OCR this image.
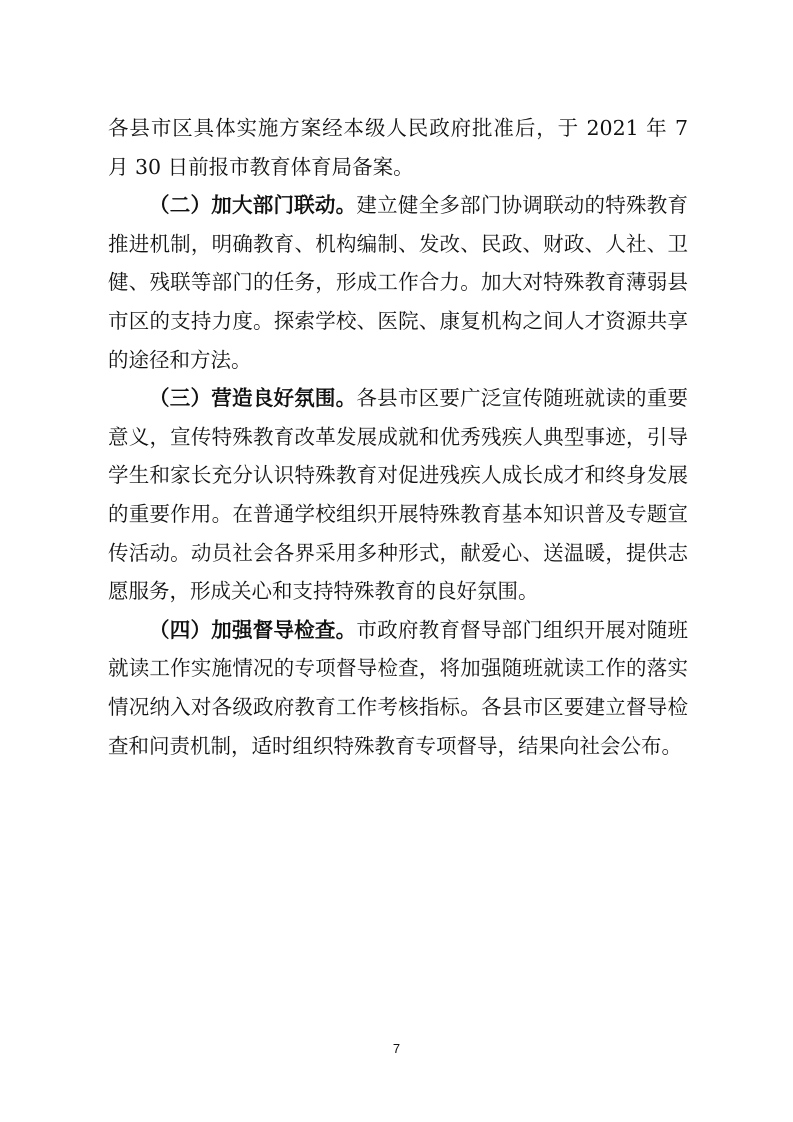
各县市区具体实施方案经本级人民政府批准后，于 2021 年 7 月 30 日前报市教育体育局备案。

（二）加大部门联动。建立健全多部门协调联动的特殊教育推进机制，明确教育、机构编制、发改、民政、财政、人社、卫健、残联等部门的任务，形成工作合力。加大对特殊教育薄弱县市区的支持力度。探索学校、医院、康复机构之间人才资源共享的途径和方法。

（三）营造良好氛围。各县市区要广泛宣传随班就读的重要意义，宣传特殊教育改革发展成就和优秀残疾人典型事迹，引导学生和家长充分认识特殊教育对促进残疾人成长成才和终身发展的重要作用。在普通学校组织开展特殊教育基本知识普及专题宣传活动。动员社会各界采用多种形式，献爱心、送温暖，提供志愿服务，形成关心和支持特殊教育的良好氛围。

（四）加强督导检查。市政府教育督导部门组织开展对随班就读工作实施情况的专项督导检查，将加强随班就读工作的落实情况纳入对各级政府教育工作考核指标。各县市区要建立督导检查和问责机制，适时组织特殊教育专项督导，结果向社会公布。

7
